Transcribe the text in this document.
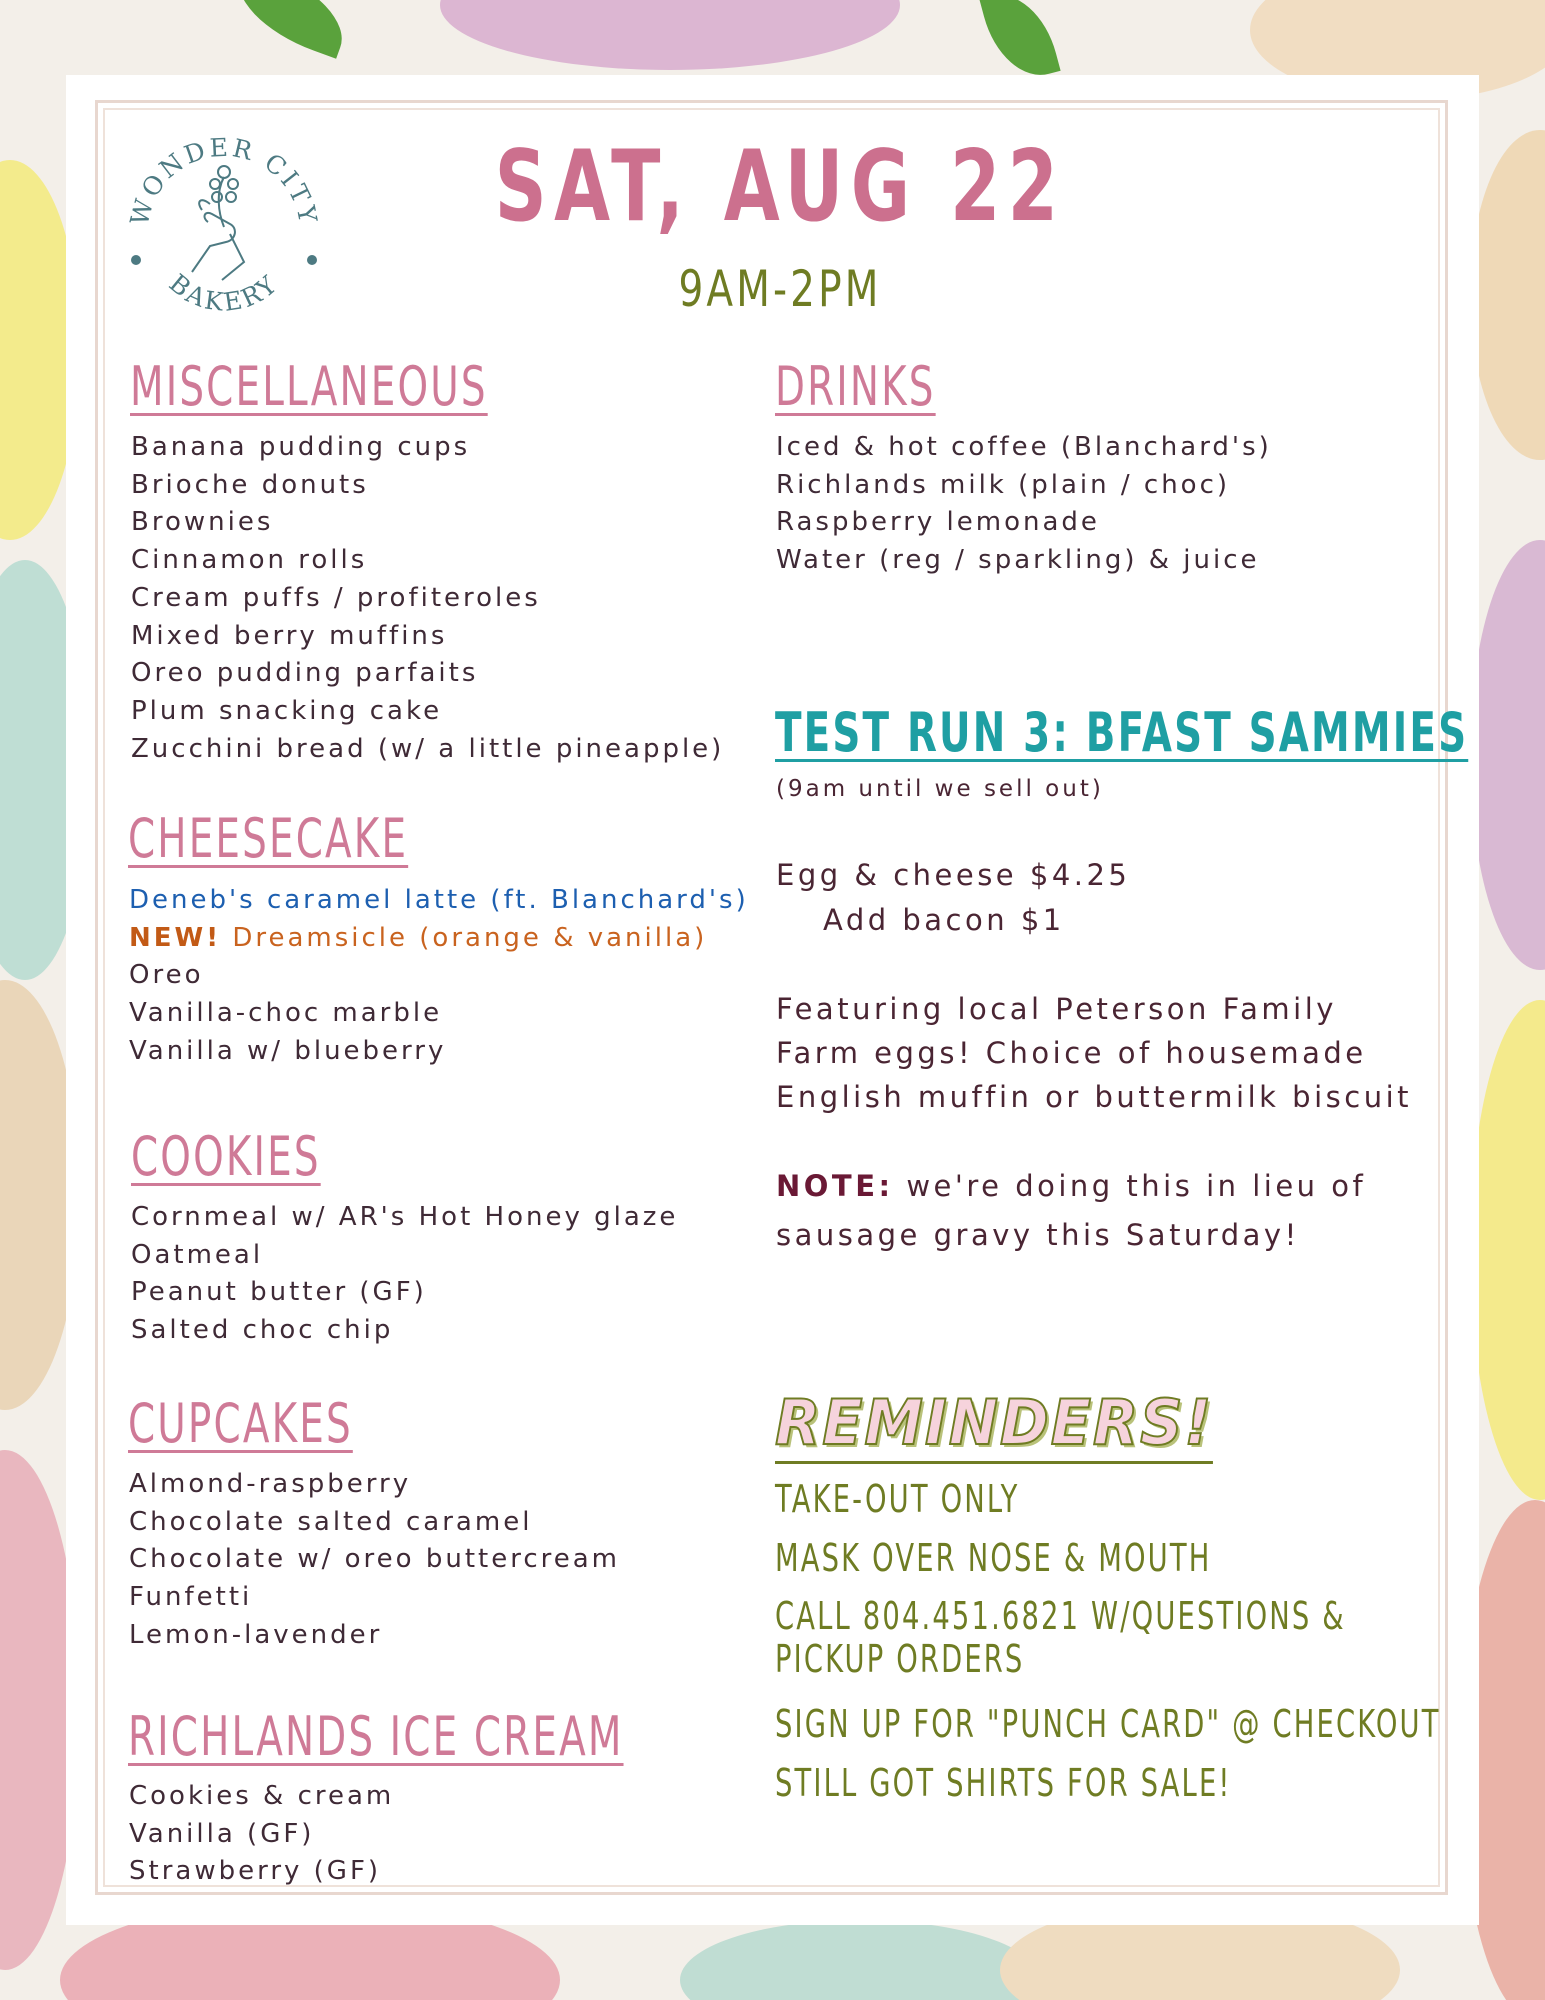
WONDER CITY
BAKERY
SAT, AUG 22
9AM-2PM
MISCELLANEOUS
Banana pudding cups
Brioche donuts
Brownies
Cinnamon rolls
Cream puffs / profiteroles
Mixed berry muffins
Oreo pudding parfaits
Plum snacking cake
Zucchini bread (w/ a little pineapple)
CHEESECAKE
Deneb's caramel latte (ft. Blanchard's)
NEW! Dreamsicle (orange & vanilla)
Oreo
Vanilla-choc marble
Vanilla w/ blueberry
COOKIES
Cornmeal w/ AR's Hot Honey glaze
Oatmeal
Peanut butter (GF)
Salted choc chip
CUPCAKES
Almond-raspberry
Chocolate salted caramel
Chocolate w/ oreo buttercream
Funfetti
Lemon-lavender
RICHLANDS ICE CREAM
Cookies & cream
Vanilla (GF)
Strawberry (GF)
DRINKS
Iced & hot coffee (Blanchard's)
Richlands milk (plain / choc)
Raspberry lemonade
Water (reg / sparkling) & juice
TEST RUN 3: BFAST SAMMIES
(9am until we sell out)
Egg & cheese $4.25
Add bacon $1
Featuring local Peterson Family
Farm eggs! Choice of housemade
English muffin or buttermilk biscuit
NOTE: we're doing this in lieu of
sausage gravy this Saturday!
REMINDERS!
TAKE-OUT ONLY
MASK OVER NOSE & MOUTH
CALL 804.451.6821 W/QUESTIONS &
PICKUP ORDERS
SIGN UP FOR "PUNCH CARD" @ CHECKOUT
STILL GOT SHIRTS FOR SALE!
